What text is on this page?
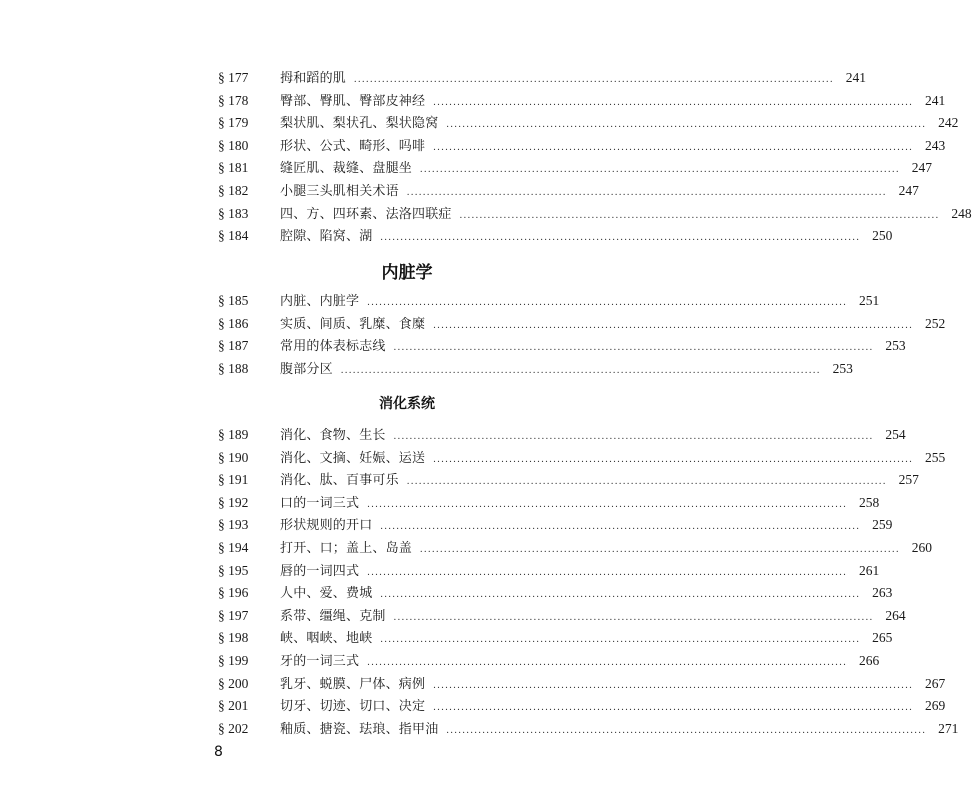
§ 177	拇和蹈的肌 ........................................................................................................................ 241
§ 178	臀部、臀肌、臀部皮神经 ........................................................................................................................ 241
§ 179	梨状肌、梨状孔、梨状隐窝 ........................................................................................................................ 242
§ 180	形状、公式、畸形、吗啡 ........................................................................................................................ 243
§ 181	缝匠肌、裁缝、盘腿坐 ........................................................................................................................ 247
§ 182	小腿三头肌相关术语 ........................................................................................................................ 247
§ 183	四、方、四环素、法洛四联症 ........................................................................................................................ 248
§ 184	腔隙、陷窝、湖 ........................................................................................................................ 250
内脏学
§ 185	内脏、内脏学 ........................................................................................................................ 251
§ 186	实质、间质、乳糜、食糜 ........................................................................................................................ 252
§ 187	常用的体表标志线 ........................................................................................................................ 253
§ 188	腹部分区 ........................................................................................................................ 253
消化系统
§ 189	消化、食物、生长 ........................................................................................................................ 254
§ 190	消化、文摘、妊娠、运送 ........................................................................................................................ 255
§ 191	消化、肽、百事可乐 ........................................................................................................................ 257
§ 192	口的一词三式 ........................................................................................................................ 258
§ 193	形状规则的开口 ........................................................................................................................ 259
§ 194	打开、口；盖上、岛盖 ........................................................................................................................ 260
§ 195	唇的一词四式 ........................................................................................................................ 261
§ 196	人中、爱、费城 ........................................................................................................................ 263
§ 197	系带、缰绳、克制 ........................................................................................................................ 264
§ 198	峡、咽峡、地峡 ........................................................................................................................ 265
§ 199	牙的一词三式 ........................................................................................................................ 266
§ 200	乳牙、蜕膜、尸体、病例 ........................................................................................................................ 267
§ 201	切牙、切迹、切口、决定 ........................................................................................................................ 269
§ 202	釉质、搪瓷、珐琅、指甲油 ........................................................................................................................ 271
8
